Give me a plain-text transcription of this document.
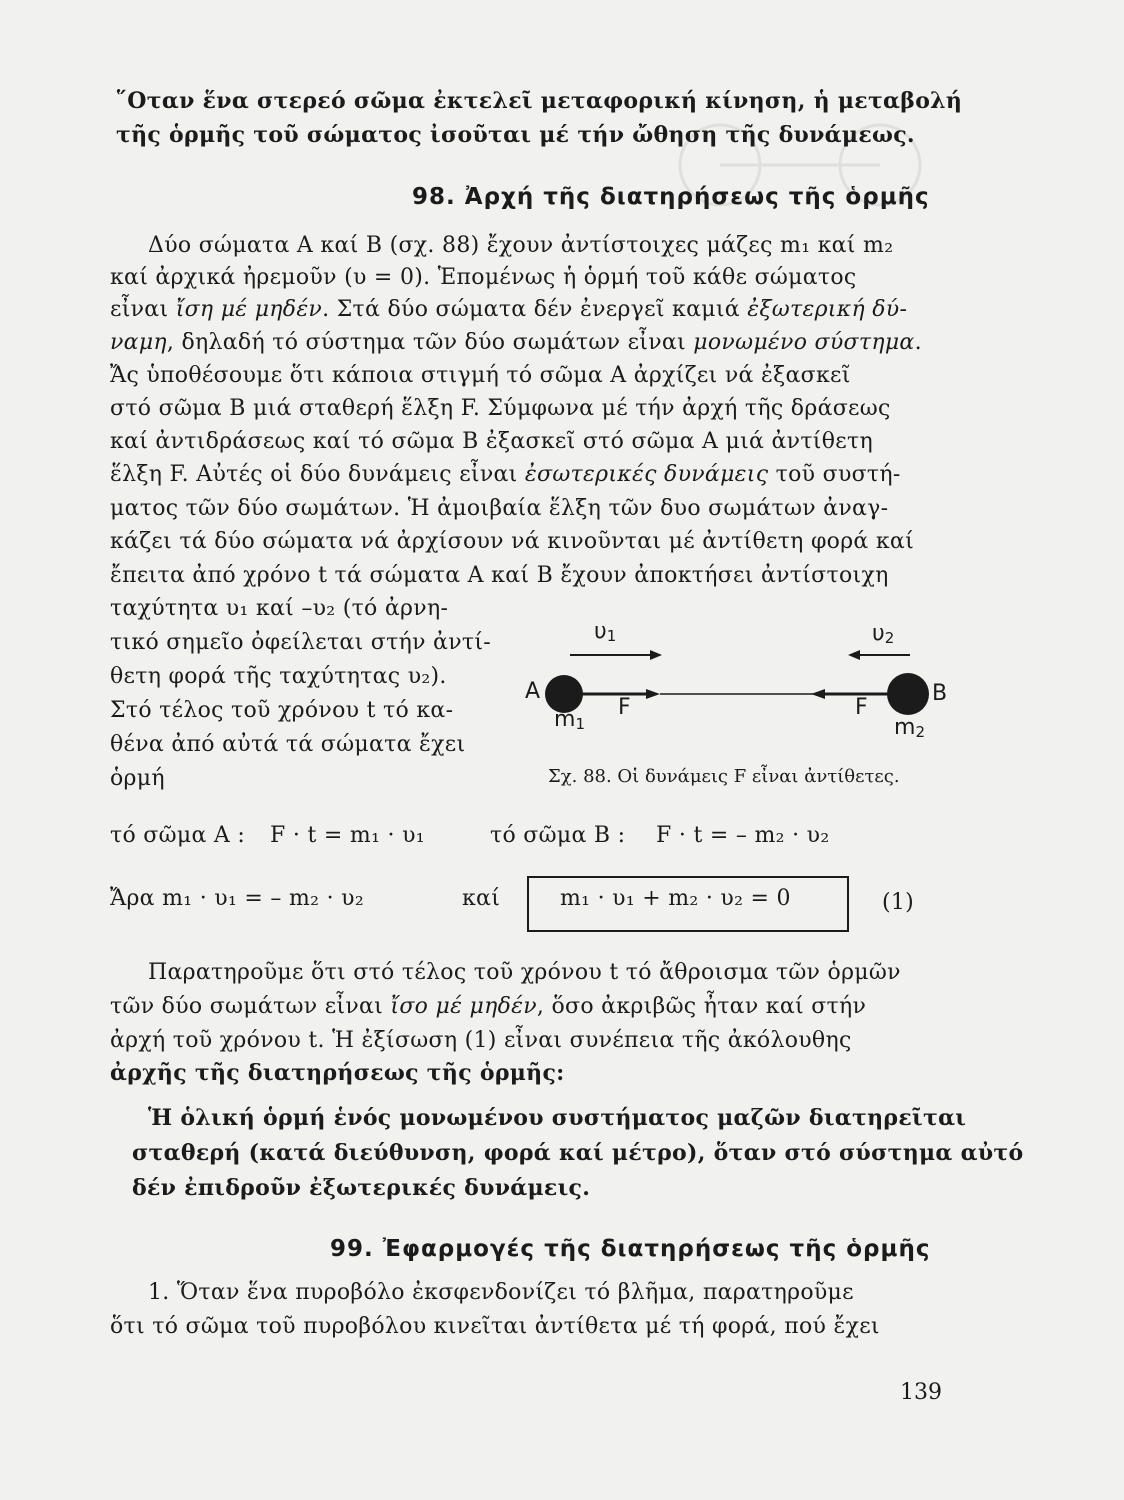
῞Οταν ἕνα στερεό σῶμα ἐκτελεῖ μεταφορική κίνηση, ἡ μεταβολή
τῆς ὁρμῆς τοῦ σώματος ἰσοῦται μέ τήν ὤθηση τῆς δυνάμεως.
98. Ἀρχή τῆς διατηρήσεως τῆς ὁρμῆς
Δύο σώματα Α καί Β (σχ. 88) ἔχουν ἀντίστοιχες μάζες m₁ καί m₂
καί ἀρχικά ἠρεμοῦν (υ = 0). Ἑπομένως ἡ ὁρμή τοῦ κάθε σώματος
εἶναι ἴση μέ μηδέν. Στά δύο σώματα δέν ἐνεργεῖ καμιά ἐξωτερική δύ-
ναμη, δηλαδή τό σύστημα τῶν δύο σωμάτων εἶναι μονωμένο σύστημα.
Ἄς ὑποθέσουμε ὅτι κάποια στιγμή τό σῶμα Α ἀρχίζει νά ἐξασκεῖ
στό σῶμα Β μιά σταθερή ἕλξη F. Σύμφωνα μέ τήν ἀρχή τῆς δράσεως
καί ἀντιδράσεως καί τό σῶμα Β ἐξασκεῖ στό σῶμα Α μιά ἀντίθετη
ἕλξη F. Αὐτές οἱ δύο δυνάμεις εἶναι ἐσωτερικές δυνάμεις τοῦ συστή-
ματος τῶν δύο σωμάτων. Ἡ ἀμοιβαία ἕλξη τῶν δυο σωμάτων ἀναγ-
κάζει τά δύο σώματα νά ἀρχίσουν νά κινοῦνται μέ ἀντίθετη φορά καί
ἔπειτα ἀπό χρόνο t τά σώματα Α καί Β ἔχουν ἀποκτήσει ἀντίστοιχη
ταχύτητα υ₁ καί –υ₂ (τό ἀρνη-
τικό σημεῖο ὀφείλεται στήν ἀντί-
θετη φορά τῆς ταχύτητας υ₂).
Στό τέλος τοῦ χρόνου t τό κα-
θένα ἀπό αὐτά τά σώματα ἔχει
ὁρμή
υ1	υ2
A	B
F	F
m1	m2
Σχ. 88. Οἱ δυνάμεις F εἶναι ἀντίθετες.
τό σῶμα Α : F · t = m₁ · υ₁	τό σῶμα Β : F · t = – m₂ · υ₂
Ἄρα m₁ · υ₁ = – m₂ · υ₂	καί	m₁ · υ₁ + m₂ · υ₂ = 0	(1)
Παρατηροῦμε ὅτι στό τέλος τοῦ χρόνου t τό ἄθροισμα τῶν ὁρμῶν
τῶν δύο σωμάτων εἶναι ἴσο μέ μηδέν, ὅσο ἀκριβῶς ἦταν καί στήν
ἀρχή τοῦ χρόνου t. Ἡ ἐξίσωση (1) εἶναι συνέπεια τῆς ἀκόλουθης
ἀρχῆς τῆς διατηρήσεως τῆς ὁρμῆς:
Ἡ ὁλική ὁρμή ἑνός μονωμένου συστήματος μαζῶν διατηρεῖται
σταθερή (κατά διεύθυνση, φορά καί μέτρο), ὅταν στό σύστημα αὐτό
δέν ἐπιδροῦν ἐξωτερικές δυνάμεις.
99. Ἐφαρμογές τῆς διατηρήσεως τῆς ὁρμῆς
1. Ὅταν ἕνα πυροβόλο ἐκσφενδονίζει τό βλῆμα, παρατηροῦμε
ὅτι τό σῶμα τοῦ πυροβόλου κινεῖται ἀντίθετα μέ τή φορά, πού ἔχει
139
